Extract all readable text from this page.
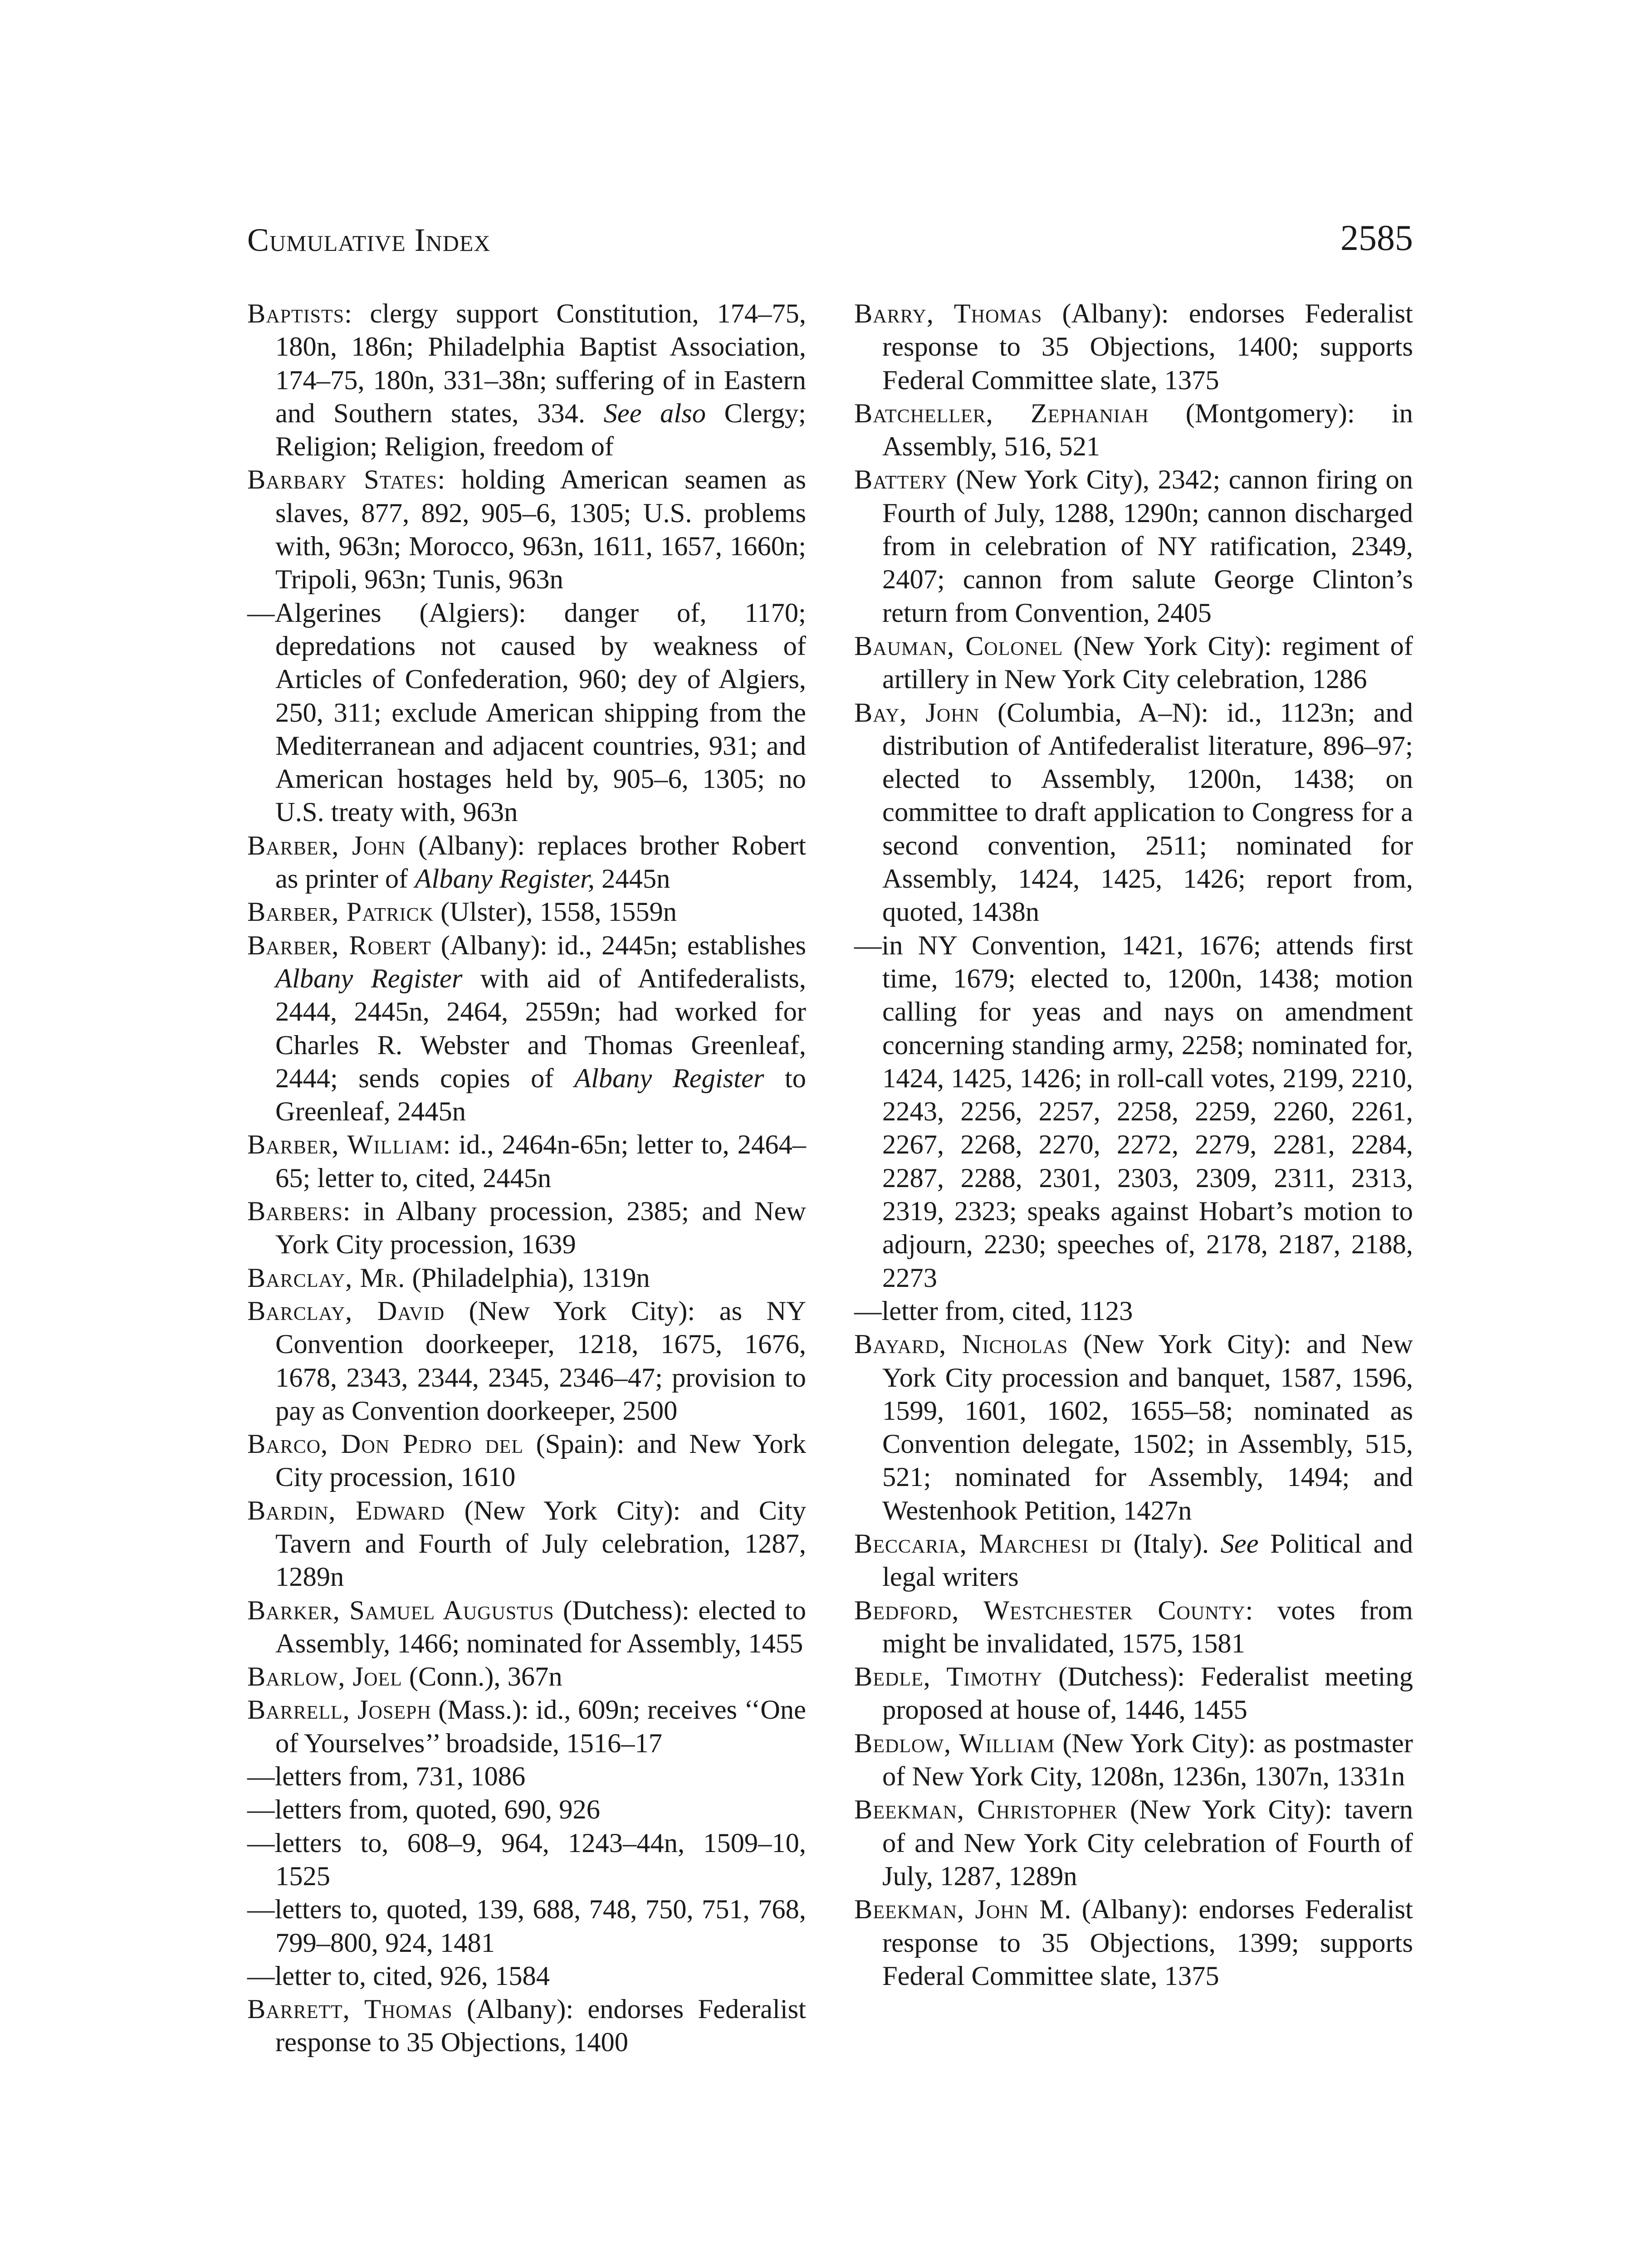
Cumulative Index	2585

Baptists: clergy support Constitution, 174–75, 180n, 186n; Philadelphia Baptist Association, 174–75, 180n, 331–38n; suffering of in Eastern and Southern states, 334. See also Clergy; Religion; Religion, freedom of

Barbary States: holding American seamen as slaves, 877, 892, 905–6, 1305; U.S. problems with, 963n; Morocco, 963n, 1611, 1657, 1660n; Tripoli, 963n; Tunis, 963n

—Algerines (Algiers): danger of, 1170; depredations not caused by weakness of Articles of Confederation, 960; dey of Algiers, 250, 311; exclude American shipping from the Mediterranean and adjacent countries, 931; and American hostages held by, 905–6, 1305; no U.S. treaty with, 963n

Barber, John (Albany): replaces brother Robert as printer of Albany Register, 2445n

Barber, Patrick (Ulster), 1558, 1559n

Barber, Robert (Albany): id., 2445n; establishes Albany Register with aid of Antifederalists, 2444, 2445n, 2464, 2559n; had worked for Charles R. Webster and Thomas Greenleaf, 2444; sends copies of Albany Register to Greenleaf, 2445n

Barber, William: id., 2464n-65n; letter to, 2464–65; letter to, cited, 2445n

Barbers: in Albany procession, 2385; and New York City procession, 1639

Barclay, Mr. (Philadelphia), 1319n

Barclay, David (New York City): as NY Convention doorkeeper, 1218, 1675, 1676, 1678, 2343, 2344, 2345, 2346–47; provision to pay as Convention doorkeeper, 2500

Barco, Don Pedro del (Spain): and New York City procession, 1610

Bardin, Edward (New York City): and City Tavern and Fourth of July celebration, 1287, 1289n

Barker, Samuel Augustus (Dutchess): elected to Assembly, 1466; nominated for Assembly, 1455

Barlow, Joel (Conn.), 367n

Barrell, Joseph (Mass.): id., 609n; receives ‘‘One of Yourselves’’ broadside, 1516–17

—letters from, 731, 1086

—letters from, quoted, 690, 926

—letters to, 608–9, 964, 1243–44n, 1509–10, 1525

—letters to, quoted, 139, 688, 748, 750, 751, 768, 799–800, 924, 1481

—letter to, cited, 926, 1584

Barrett, Thomas (Albany): endorses Federalist response to 35 Objections, 1400

Barry, Thomas (Albany): endorses Federalist response to 35 Objections, 1400; supports Federal Committee slate, 1375

Batcheller, Zephaniah (Montgomery): in Assembly, 516, 521

Battery (New York City), 2342; cannon firing on Fourth of July, 1288, 1290n; cannon discharged from in celebration of NY ratification, 2349, 2407; cannon from salute George Clinton’s return from Convention, 2405

Bauman, Colonel (New York City): regiment of artillery in New York City celebration, 1286

Bay, John (Columbia, A–N): id., 1123n; and distribution of Antifederalist literature, 896–97; elected to Assembly, 1200n, 1438; on committee to draft application to Congress for a second convention, 2511; nominated for Assembly, 1424, 1425, 1426; report from, quoted, 1438n

—in NY Convention, 1421, 1676; attends first time, 1679; elected to, 1200n, 1438; motion calling for yeas and nays on amendment concerning standing army, 2258; nominated for, 1424, 1425, 1426; in roll-call votes, 2199, 2210, 2243, 2256, 2257, 2258, 2259, 2260, 2261, 2267, 2268, 2270, 2272, 2279, 2281, 2284, 2287, 2288, 2301, 2303, 2309, 2311, 2313, 2319, 2323; speaks against Hobart’s motion to adjourn, 2230; speeches of, 2178, 2187, 2188, 2273

—letter from, cited, 1123

Bayard, Nicholas (New York City): and New York City procession and banquet, 1587, 1596, 1599, 1601, 1602, 1655–58; nominated as Convention delegate, 1502; in Assembly, 515, 521; nominated for Assembly, 1494; and Westenhook Petition, 1427n

Beccaria, Marchesi di (Italy). See Political and legal writers

Bedford, Westchester County: votes from might be invalidated, 1575, 1581

Bedle, Timothy (Dutchess): Federalist meeting proposed at house of, 1446, 1455

Bedlow, William (New York City): as postmaster of New York City, 1208n, 1236n, 1307n, 1331n

Beekman, Christopher (New York City): tavern of and New York City celebration of Fourth of July, 1287, 1289n

Beekman, John M. (Albany): endorses Federalist response to 35 Objections, 1399; supports Federal Committee slate, 1375
